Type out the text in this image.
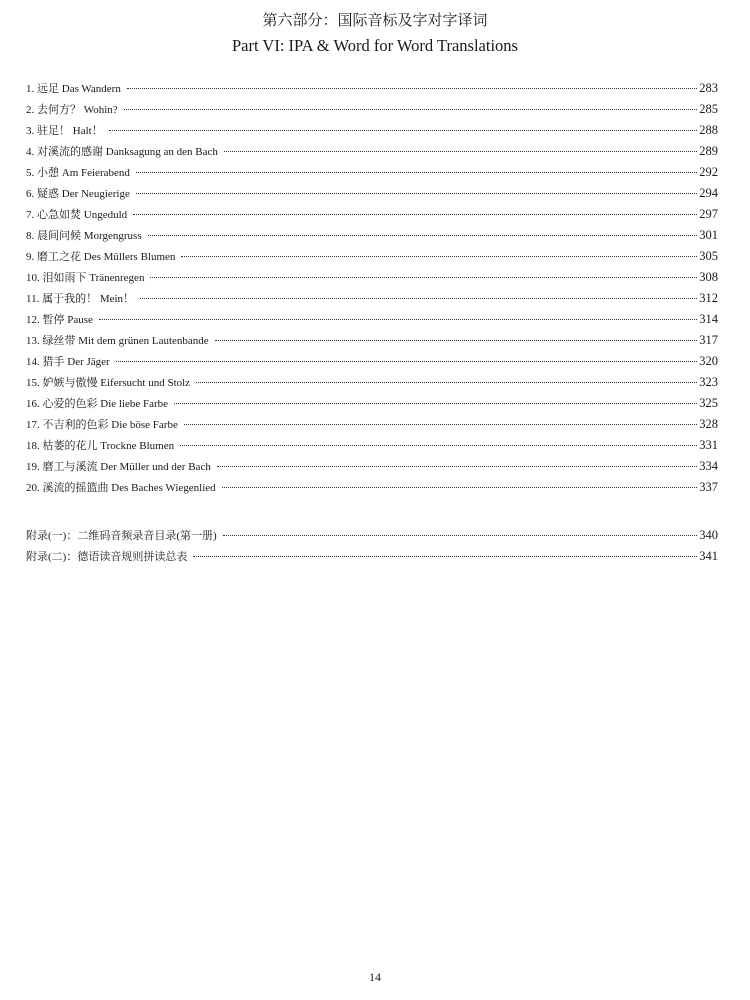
第六部分：国际音标及字对字译词
Part VI: IPA & Word for Word Translations
1. 远足 Das Wandern	283
2. 去何方？ Wohin?	285
3. 驻足！ Halt！	288
4. 对溪流的感谢 Danksagung an den Bach	289
5. 小憩 Am Feierabend	292
6. 疑惑 Der Neugierige	294
7. 心急如焚 Ungeduld	297
8. 晨间问候 Morgengruss	301
9. 磨工之花 Des Müllers Blumen	305
10. 泪如雨下 Tränenregen	308
11. 属于我的！ Mein！	312
12. 暂停 Pause	314
13. 绿丝带 Mit dem grünen Lautenbande	317
14. 猎手 Der Jäger	320
15. 妒嫉与傲慢 Eifersucht und Stolz	323
16. 心爱的色彩 Die liebe Farbe	325
17. 不吉利的色彩 Die böse Farbe	328
18. 枯萎的花儿 Trockne Blumen	331
19. 磨工与溪流 Der Müller und der Bach	334
20. 溪流的摇篮曲 Des Baches Wiegenlied	337
附录(一)：二维码音频录音目录(第一册)	340
附录(二)：德语读音规则拼读总表	341
14
